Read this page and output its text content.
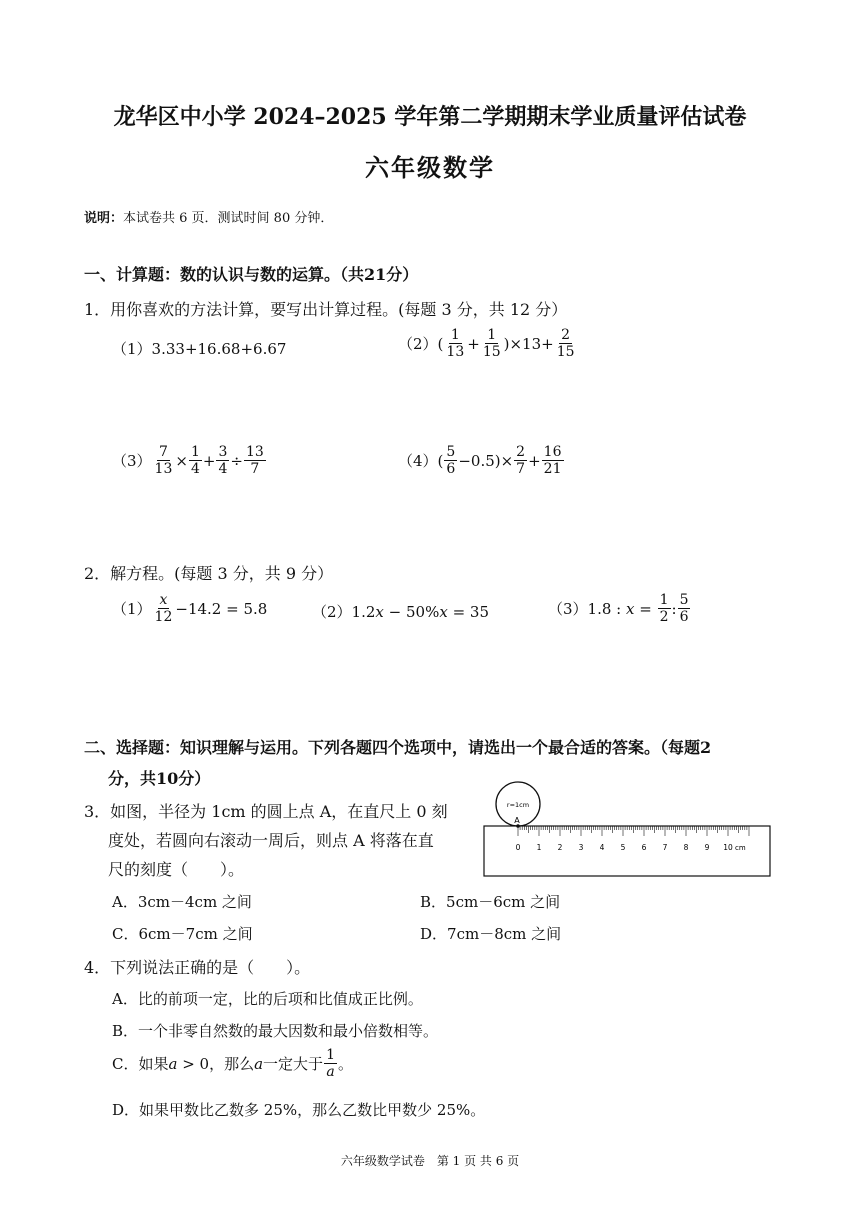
龙华区中小学 2024–2025 学年第二学期期末学业质量评估试卷
六年级数学
说明：本试卷共 6 页．测试时间 80 分钟．
一、计算题：数的认识与数的运算。（共21分）
1．用你喜欢的方法计算，要写出计算过程。(每题 3 分，共 12 分）
（1） 3.33+16.68+6.67	（2） ( $\frac{1}{13} + \frac{1}{15} )\times 13+ \frac{2}{15}$
$(3) \frac{7}{13} \times \frac{1}{4} + \frac{3}{4} \div \frac{13}{7}$	（4） ( $\frac{5}{6} -0.5)\times \frac{2}{7} + \frac{16}{21}$
2．解方程。(每题 3 分，共 9 分）
$(1) \frac{x}{12} -14.2 = 5.8$	（2） 1.2 x − 50% x = 35	（3） 1.8 : $x = \frac{1}{2}$ : $\frac{5}{6}$
二、选择题：知识理解与运用。下列各题四个选项中，请选出一个最合适的答案。（每题2
分，共10分）
3．如图，半径为 1cm 的圆上点 A，在直尺上 0 刻
度处，若圆向右滚动一周后，则点 A 将落在直
尺的刻度（　　）。
r=1cm
A
0 1 2 3 4 5 6 7 8 9 10 cm
A．3cm－4cm 之间	B．5cm－6cm 之间
C．6cm－7cm 之间	D．7cm－8cm 之间
4．下列说法正确的是（　　）。
A．比的前项一定，比的后项和比值成正比例。
B．一个非零自然数的最大因数和最小倍数相等。
C．如果 a > 0，那么 a 一定大于 $\frac{1}{a}$ 。
D．如果甲数比乙数多 25%，那么乙数比甲数少 25%。
六年级数学试卷　第 1 页 共 6 页
